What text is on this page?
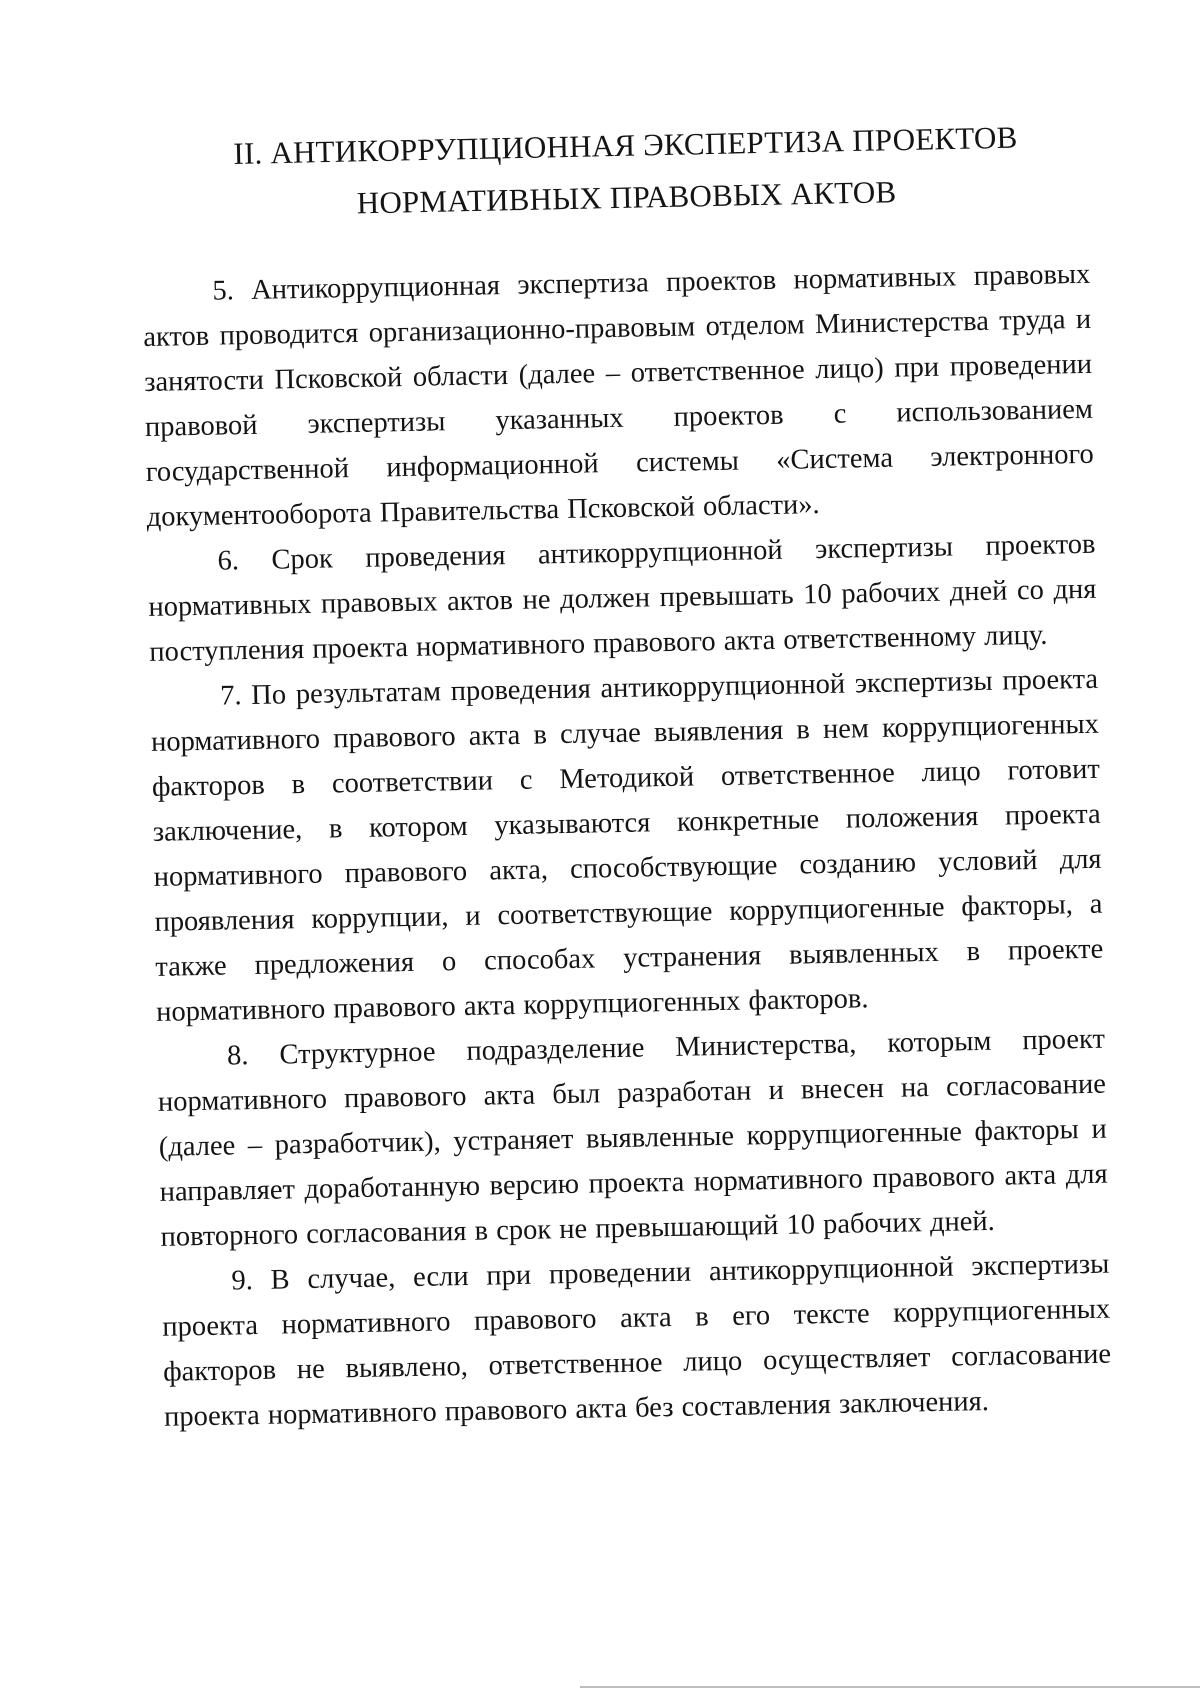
II. АНТИКОРРУПЦИОННАЯ ЭКСПЕРТИЗА ПРОЕКТОВ
НОРМАТИВНЫХ ПРАВОВЫХ АКТОВ

5. Антикоррупционная экспертиза проектов нормативных правовых актов проводится организационно-правовым отделом Министерства труда и занятости Псковской области (далее – ответственное лицо) при проведении правовой экспертизы указанных проектов с использованием государственной информационной системы «Система электронного документооборота Правительства Псковской области».

6. Срок проведения антикоррупционной экспертизы проектов нормативных правовых актов не должен превышать 10 рабочих дней со дня поступления проекта нормативного правового акта ответственному лицу.

7. По результатам проведения антикоррупционной экспертизы проекта нормативного правового акта в случае выявления в нем коррупциогенных факторов в соответствии с Методикой ответственное лицо готовит заключение, в котором указываются конкретные положения проекта нормативного правового акта, способствующие созданию условий для проявления коррупции, и соответствующие коррупциогенные факторы, а также предложения о способах устранения выявленных в проекте нормативного правового акта коррупциогенных факторов.

8. Структурное подразделение Министерства, которым проект нормативного правового акта был разработан и внесен на согласование (далее – разработчик), устраняет выявленные коррупциогенные факторы и направляет доработанную версию проекта нормативного правового акта для повторного согласования в срок не превышающий 10 рабочих дней.

9. В случае, если при проведении антикоррупционной экспертизы проекта нормативного правового акта в его тексте коррупциогенных факторов не выявлено, ответственное лицо осуществляет согласование проекта нормативного правового акта без составления заключения.
